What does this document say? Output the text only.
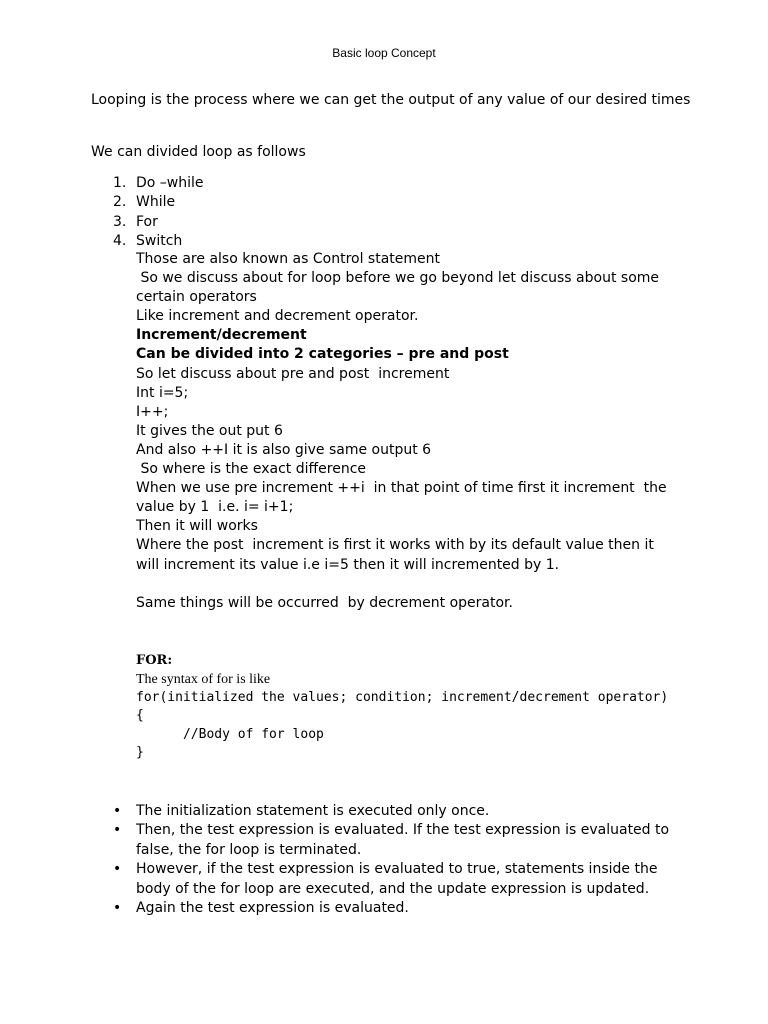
Basic loop Concept
Looping is the process where we can get the output of any value of our desired times
We can divided loop as follows
1. Do –while
2. While
3. For
4. Switch
Those are also known as Control statement
So we discuss about for loop before we go beyond let discuss about some certain operators
Like increment and decrement operator.
Increment/decrement
Can be divided into 2 categories – pre and post
So let discuss about pre and post  increment
Int i=5;
I++;
It gives the out put 6
And also ++I it is also give same output 6
So where is the exact difference
When we use pre increment ++i  in that point of time first it increment  the value by 1  i.e. i= i+1;
Then it will works
Where the post  increment is first it works with by its default value then it will increment its value i.e i=5 then it will incremented by 1.
Same things will be occurred  by decrement operator.
FOR:
The syntax of for is like
for(initialized the values; condition; increment/decrement operator)
{
//Body of for loop
}
• The initialization statement is executed only once.
• Then, the test expression is evaluated. If the test expression is evaluated to false, the for loop is terminated.
• However, if the test expression is evaluated to true, statements inside the body of the for loop are executed, and the update expression is updated.
• Again the test expression is evaluated.
